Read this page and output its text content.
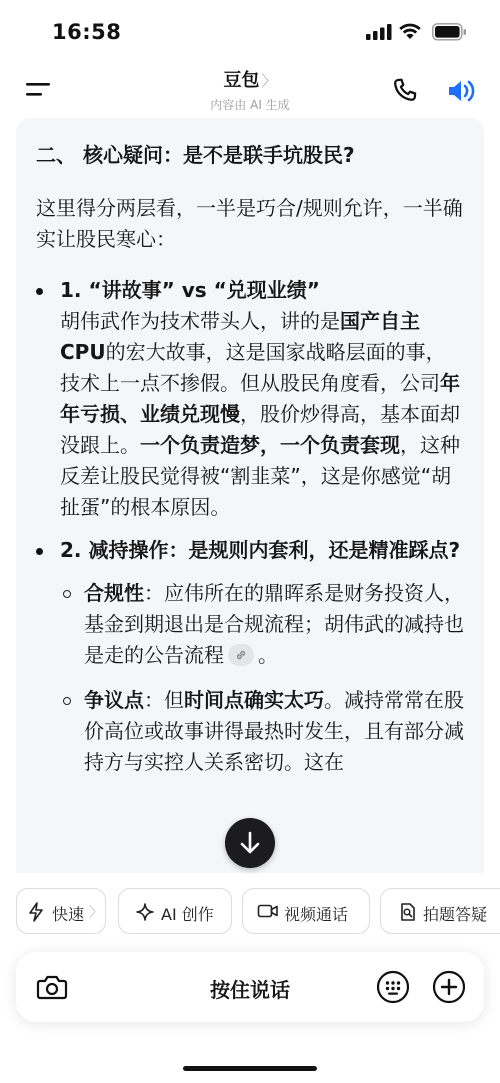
16:58
豆包 〉
内容由 AI 生成

二、 核心疑问：是不是联手坑股民?

这里得分两层看，一半是巧合/规则允许，一半确实让股民寒心：

1. “讲故事” vs “兑现业绩”
胡伟武作为技术带头人，讲的是国产自主CPU的宏大故事，这是国家战略层面的事，技术上一点不掺假。但从股民角度看，公司年年亏损、业绩兑现慢，股价炒得高，基本面却没跟上。一个负责造梦，一个负责套现，这种反差让股民觉得被“割韭菜”，这是你感觉“胡扯蛋”的根本原因。
2. 减持操作：是规则内套利，还是精准踩点?
合规性：应伟所在的鼎晖系是财务投资人，基金到期退出是合规流程；胡伟武的减持也是走的公告流程 。
争议点：但时间点确实太巧。减持常常在股价高位或故事讲得最热时发生，且有部分减持方与实控人关系密切。这在
快速 〉	AI 创作	视频通话	拍题答疑
按住说话
